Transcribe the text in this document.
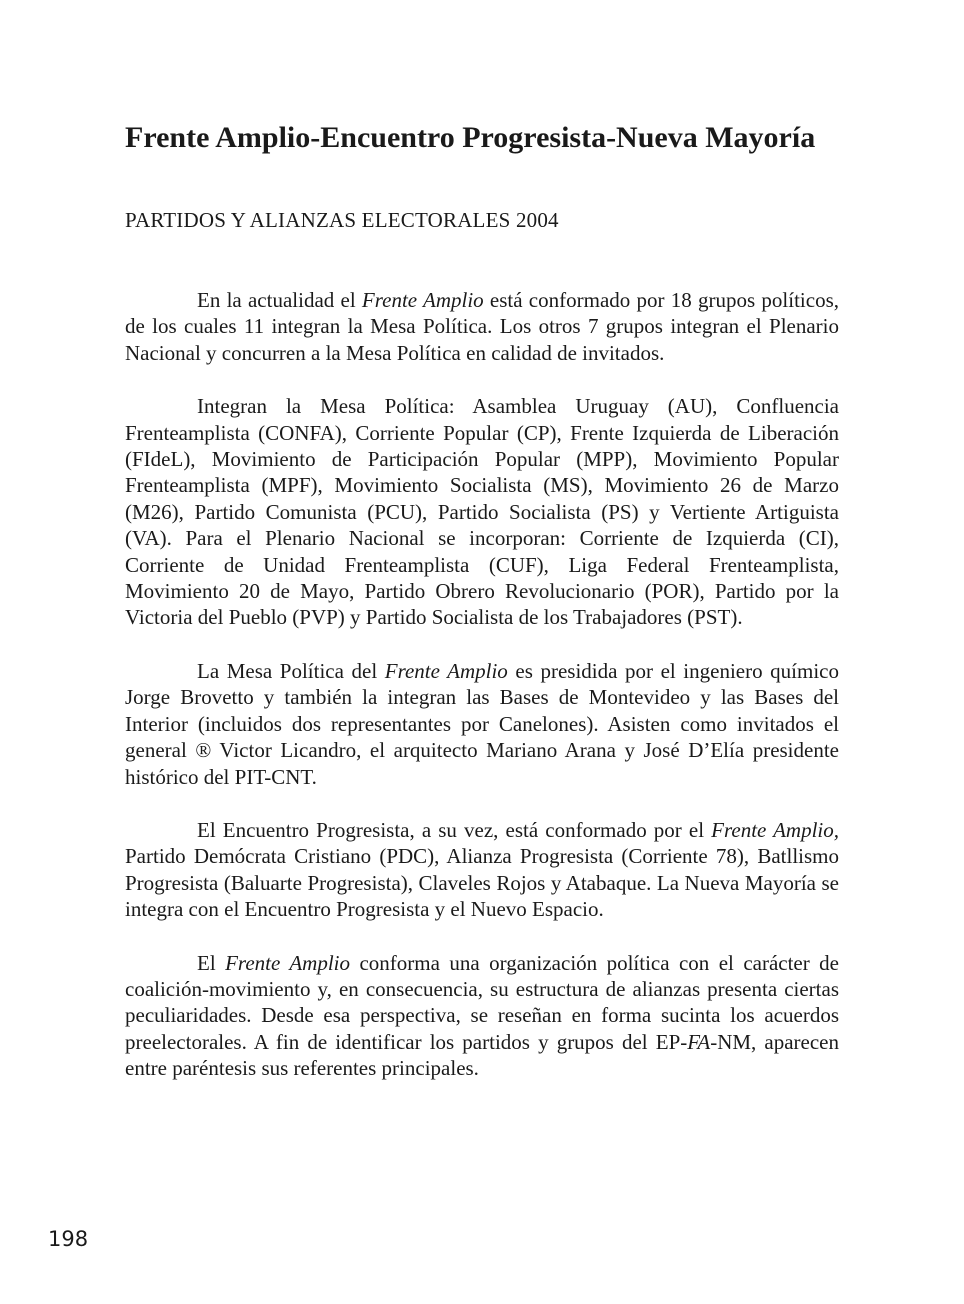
Frente Amplio-Encuentro Progresista-Nueva Mayoría
PARTIDOS Y ALIANZAS ELECTORALES 2004

En la actualidad el Frente Amplio está conformado por 18 grupos políticos, de los cuales 11 integran la Mesa Política. Los otros 7 grupos integran el Plenario Nacional y concurren a la Mesa Política en calidad de invitados.

Integran la Mesa Política: Asamblea Uruguay (AU), Confluencia Frenteamplista (CONFA), Corriente Popular (CP), Frente Izquierda de Liberación (FIdeL), Movimiento de Participación Popular (MPP), Movimiento Popular Frenteamplista (MPF), Movimiento Socialista (MS), Movimiento 26 de Marzo (M26), Partido Comunista (PCU), Partido Socialista (PS) y Vertiente Artiguista (VA). Para el Plenario Nacional se incorporan: Corriente de Izquierda (CI), Corriente de Unidad Frenteamplista (CUF), Liga Federal Frenteamplista, Movimiento 20 de Mayo, Partido Obrero Revolucionario (POR), Partido por la Victoria del Pueblo (PVP) y Partido Socialista de los Trabajadores (PST).

La Mesa Política del Frente Amplio es presidida por el ingeniero químico Jorge Brovetto y también la integran las Bases de Montevideo y las Bases del Interior (incluidos dos representantes por Canelones). Asisten como invitados el general ® Victor Licandro, el arquitecto Mariano Arana y José D’Elía presidente histórico del PIT-CNT.

El Encuentro Progresista, a su vez, está conformado por el Frente Amplio, Partido Demócrata Cristiano (PDC), Alianza Progresista (Corriente 78), Batllismo Progresista (Baluarte Progresista), Claveles Rojos y Atabaque. La Nueva Mayoría se integra con el Encuentro Progresista y el Nuevo Espacio.

El Frente Amplio conforma una organización política con el carácter de coalición-movimiento y, en consecuencia, su estructura de alianzas presenta ciertas peculiaridades. Desde esa perspectiva, se reseñan en forma sucinta los acuerdos preelectorales. A fin de identificar los partidos y grupos del EP-FA-NM, aparecen entre paréntesis sus referentes principales.

198
